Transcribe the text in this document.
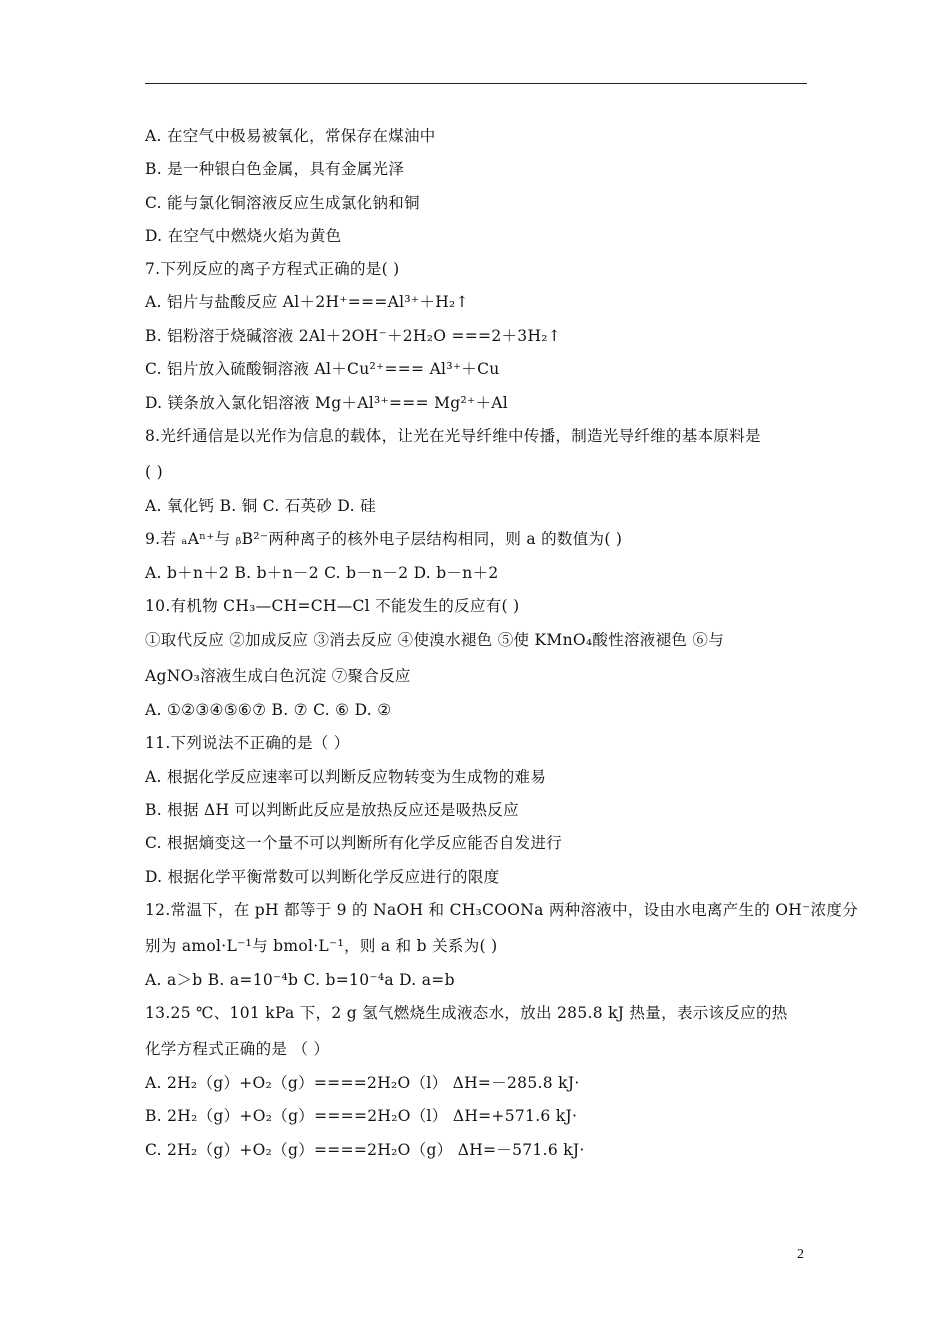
A. 在空气中极易被氧化，常保存在煤油中
B. 是一种银白色金属，具有金属光泽
C. 能与氯化铜溶液反应生成氯化钠和铜
D. 在空气中燃烧火焰为黄色
7.下列反应的离子方程式正确的是( )
A. 铝片与盐酸反应 Al＋2H⁺===Al³⁺＋H₂↑
B. 铝粉溶于烧碱溶液 2Al＋2OH⁻＋2H₂O ===2＋3H₂↑
C. 铝片放入硫酸铜溶液 Al＋Cu²⁺=== Al³⁺＋Cu
D. 镁条放入氯化铝溶液 Mg＋Al³⁺=== Mg²⁺＋Al
8.光纤通信是以光作为信息的载体，让光在光导纤维中传播，制造光导纤维的基本原料是
( )
A. 氧化钙 B. 铜 C. 石英砂 D. 硅
9.若 ₐAⁿ⁺与 ᵦB²⁻两种离子的核外电子层结构相同，则 a 的数值为( )
A. b＋n＋2 B. b＋n－2 C. b－n－2 D. b－n＋2
10.有机物 CH₃—CH=CH—Cl 不能发生的反应有( )
①取代反应 ②加成反应 ③消去反应 ④使溴水褪色 ⑤使 KMnO₄酸性溶液褪色 ⑥与
AgNO₃溶液生成白色沉淀 ⑦聚合反应
A. ①②③④⑤⑥⑦ B. ⑦ C. ⑥ D. ②
11.下列说法不正确的是（ ）
A. 根据化学反应速率可以判断反应物转变为生成物的难易
B. 根据 ΔH 可以判断此反应是放热反应还是吸热反应
C. 根据熵变这一个量不可以判断所有化学反应能否自发进行
D. 根据化学平衡常数可以判断化学反应进行的限度
12.常温下，在 pH 都等于 9 的 NaOH 和 CH₃COONa 两种溶液中，设由水电离产生的 OH⁻浓度分
别为 amol·L⁻¹与 bmol·L⁻¹，则 a 和 b 关系为( )
A. a＞b B. a=10⁻⁴b C. b=10⁻⁴a D. a=b
13.25 ℃、101 kPa 下，2 g 氢气燃烧生成液态水，放出 285.8 kJ 热量，表示该反应的热
化学方程式正确的是 （ ）
A. 2H₂（g）+O₂（g）====2H₂O（l） ΔH=－285.8 kJ·
B. 2H₂（g）+O₂（g）====2H₂O（l） ΔH=+571.6 kJ·
C. 2H₂（g）+O₂（g）====2H₂O（g） ΔH=－571.6 kJ·
2
